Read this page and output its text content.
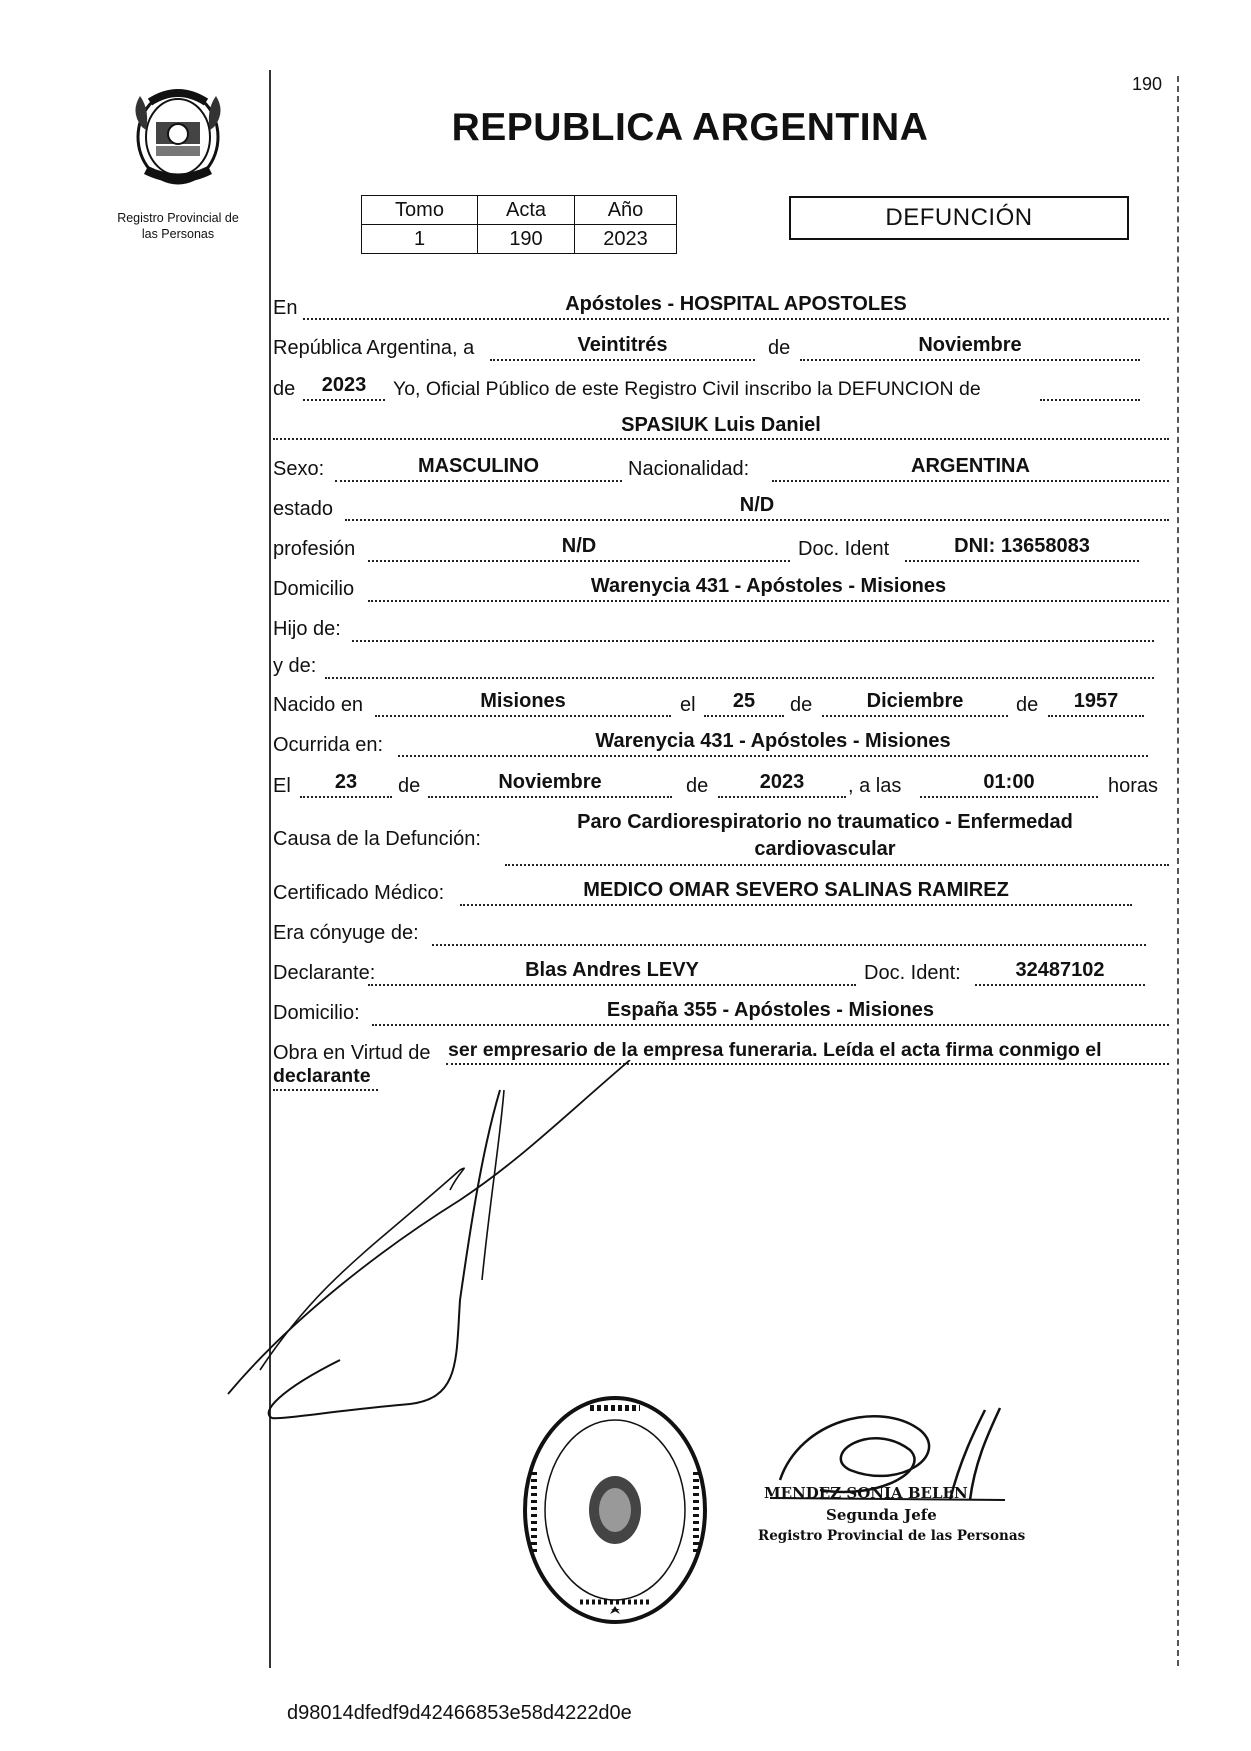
Registro Provincial de
las Personas
190
REPUBLICA ARGENTINA
Tomo	Acta	Año
1	190	2023
DEFUNCIÓN
En	Apóstoles - HOSPITAL APOSTOLES
República Argentina, a	Veintitrés	de	Noviembre
de	2023	Yo, Oficial Público de este Registro Civil inscribo la DEFUNCION de
SPASIUK Luis Daniel
Sexo:	MASCULINO	Nacionalidad:	ARGENTINA
estado	N/D
profesión	N/D	Doc. Ident	DNI: 13658083
Domicilio	Warenycia 431 - Apóstoles - Misiones
Hijo de:
y de:
Nacido en	Misiones	el	25	de	Diciembre	de	1957
Ocurrida en:	Warenycia 431 - Apóstoles - Misiones
El	23	de	Noviembre	de	2023	, a las	01:00	horas
Causa de la Defunción:
Paro Cardiorespiratorio no traumatico - Enfermedad
cardiovascular
Certificado Médico:	MEDICO OMAR SEVERO SALINAS RAMIREZ
Era cónyuge de:
Declarante:	Blas Andres LEVY	Doc. Ident:	32487102
Domicilio:	España 355 - Apóstoles - Misiones
Obra en Virtud de ser empresario de la empresa funeraria. Leída el acta firma conmigo el
declarante
MENDEZ SONIA BELEN
Segunda Jefe
Registro Provincial de las Personas
d98014dfedf9d42466853e58d4222d0e
